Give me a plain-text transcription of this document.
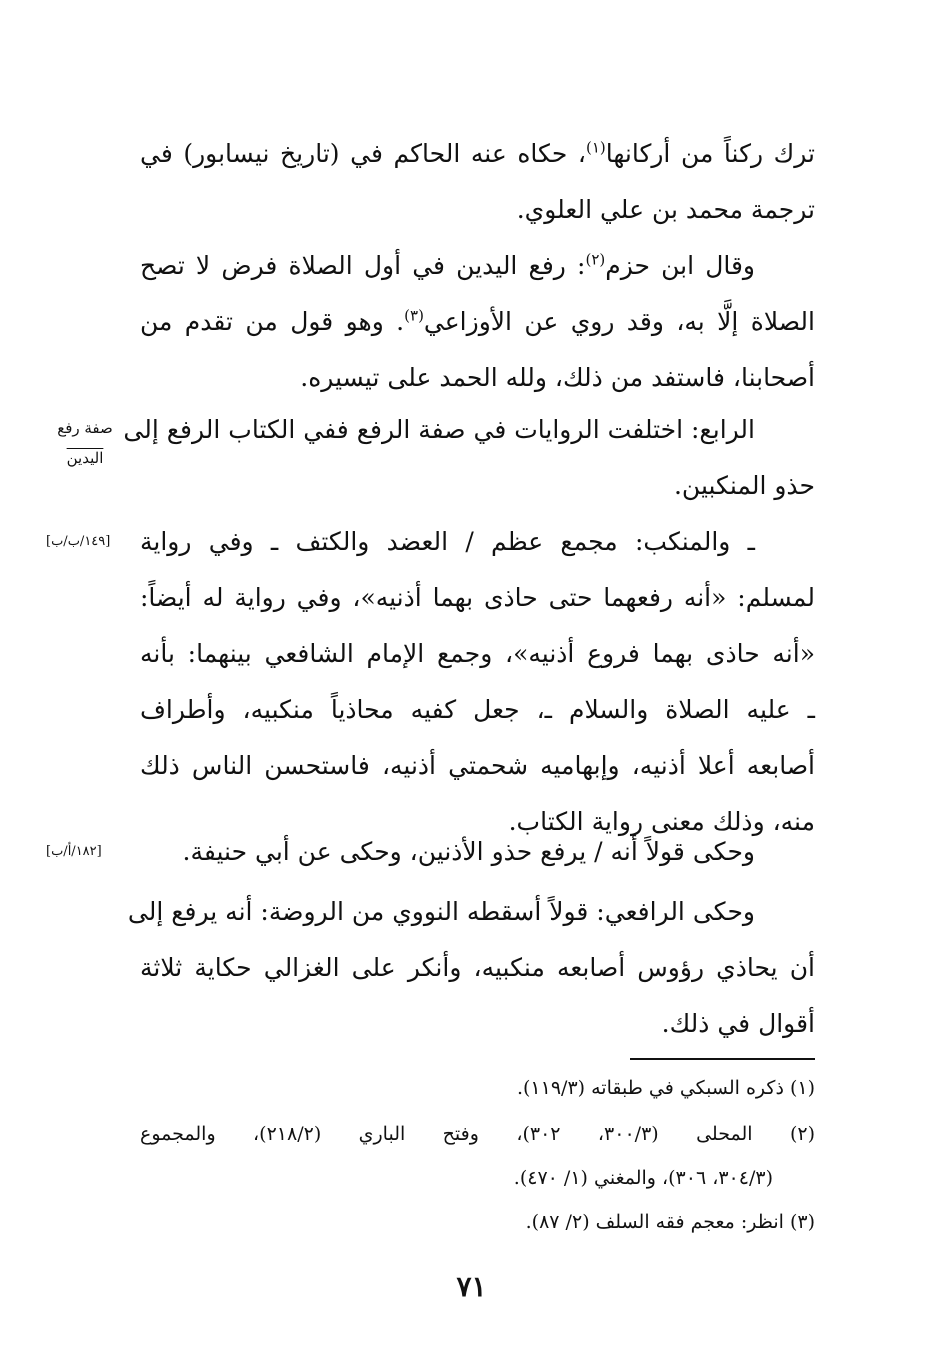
ترك ركناً من أركانها$^{(١)}$، حكاه عنه الحاكم في (تاريخ نيسابور) في
ترجمة محمد بن علي العلوي.
وقال ابن حزم$^{(٢)}$: رفع اليدين في أول الصلاة فرض لا تصح
الصلاة إلَّا به، وقد روي عن الأوزاعي$^{(٣)}$. وهو قول من تقدم من
أصحابنا، فاستفد من ذلك، ولله الحمد على تيسيره.
الرابع: اختلفت الروايات في صفة الرفع ففي الكتاب الرفع إلى
حذو المنكبين.
صفة رفع
اليدين
ـ والمنكب: مجمع عظم / العضد والكتف ـ وفي رواية
لمسلم: «أنه رفعهما حتى حاذى بهما أذنيه»، وفي رواية له أيضاً:
«أنه حاذى بهما فروع أذنيه»، وجمع الإمام الشافعي بينهما: بأنه
ـ عليه الصلاة والسلام ـ، جعل كفيه محاذياً منكبيه، وأطراف
أصابعه أعلا أذنيه، وإبهاميه شحمتي أذنيه، فاستحسن الناس ذلك
منه، وذلك معنى رواية الكتاب.
[١٤٩/ب/ب]
وحكى قولاً أنه / يرفع حذو الأذنين، وحكى عن أبي حنيفة.
[١٨٢/أ/ب]
وحكى الرافعي: قولاً أسقطه النووي من الروضة: أنه يرفع إلى
أن يحاذي رؤوس أصابعه منكبيه، وأنكر على الغزالي حكاية ثلاثة
أقوال في ذلك.
(١) ذكره السبكي في طبقاته (١١٩/٣).
(٢) المحلى (٣٠٠/٣، ٣٠٢)، وفتح الباري (٢١٨/٢)، والمجموع
(٣٠٤/٣، ٣٠٦)، والمغني (١/ ٤٧٠).
(٣) انظر: معجم فقه السلف (٢/ ٨٧).
٧١
